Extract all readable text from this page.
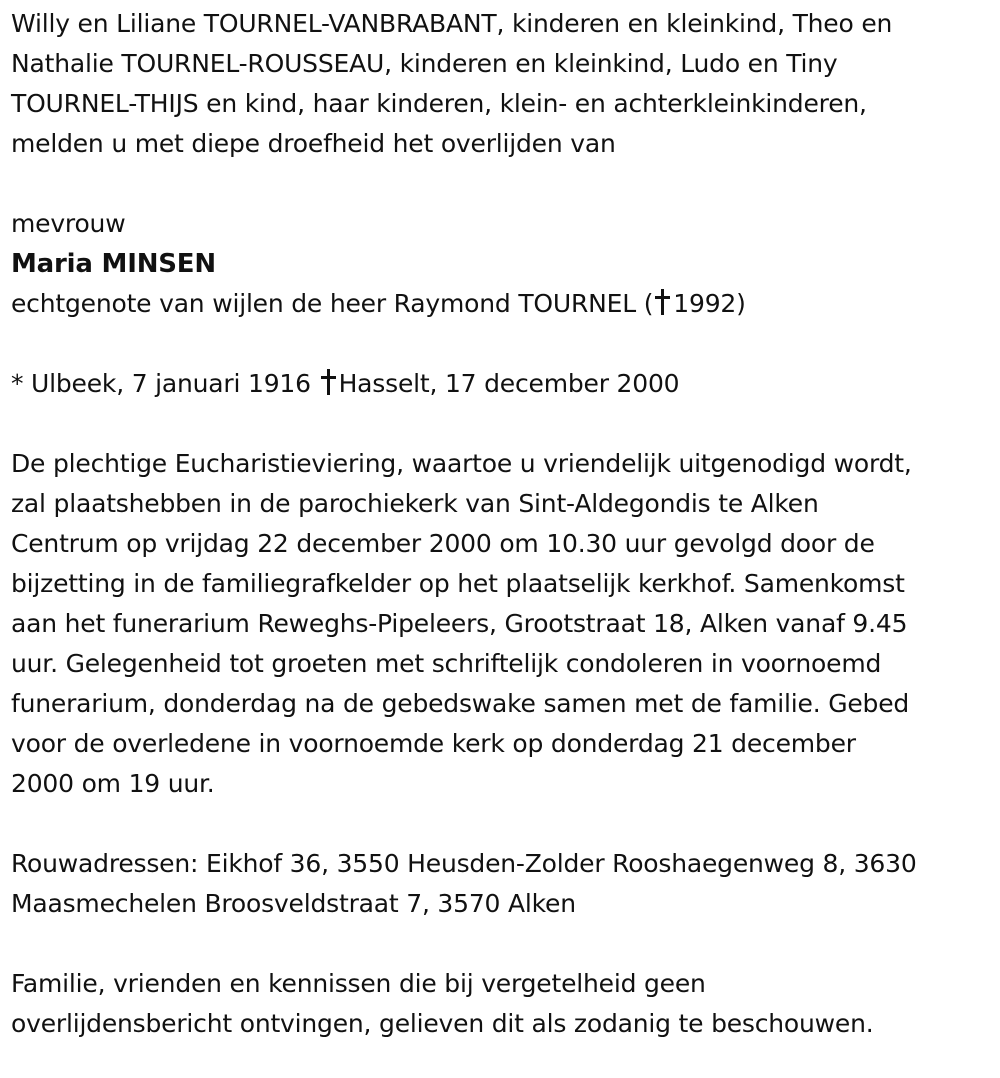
Willy en Liliane TOURNEL-VANBRABANT, kinderen en kleinkind, Theo en
Nathalie TOURNEL-ROUSSEAU, kinderen en kleinkind, Ludo en Tiny
TOURNEL-THIJS en kind, haar kinderen, klein- en achterkleinkinderen,
melden u met diepe droefheid het overlijden van
mevrouw
Maria MINSEN
echtgenote van wijlen de heer Raymond TOURNEL ( 1992)
* Ulbeek, 7 januari 1916 Hasselt, 17 december 2000
De plechtige Eucharistieviering, waartoe u vriendelijk uitgenodigd wordt,
zal plaatshebben in de parochiekerk van Sint-Aldegondis te Alken
Centrum op vrijdag 22 december 2000 om 10.30 uur gevolgd door de
bijzetting in de familiegrafkelder op het plaatselijk kerkhof. Samenkomst
aan het funerarium Reweghs-Pipeleers, Grootstraat 18, Alken vanaf 9.45
uur. Gelegenheid tot groeten met schriftelijk condoleren in voornoemd
funerarium, donderdag na de gebedswake samen met de familie. Gebed
voor de overledene in voornoemde kerk op donderdag 21 december
2000 om 19 uur.
Rouwadressen: Eikhof 36, 3550 Heusden-Zolder Rooshaegenweg 8, 3630
Maasmechelen Broosveldstraat 7, 3570 Alken
Familie, vrienden en kennissen die bij vergetelheid geen
overlijdensbericht ontvingen, gelieven dit als zodanig te beschouwen.
